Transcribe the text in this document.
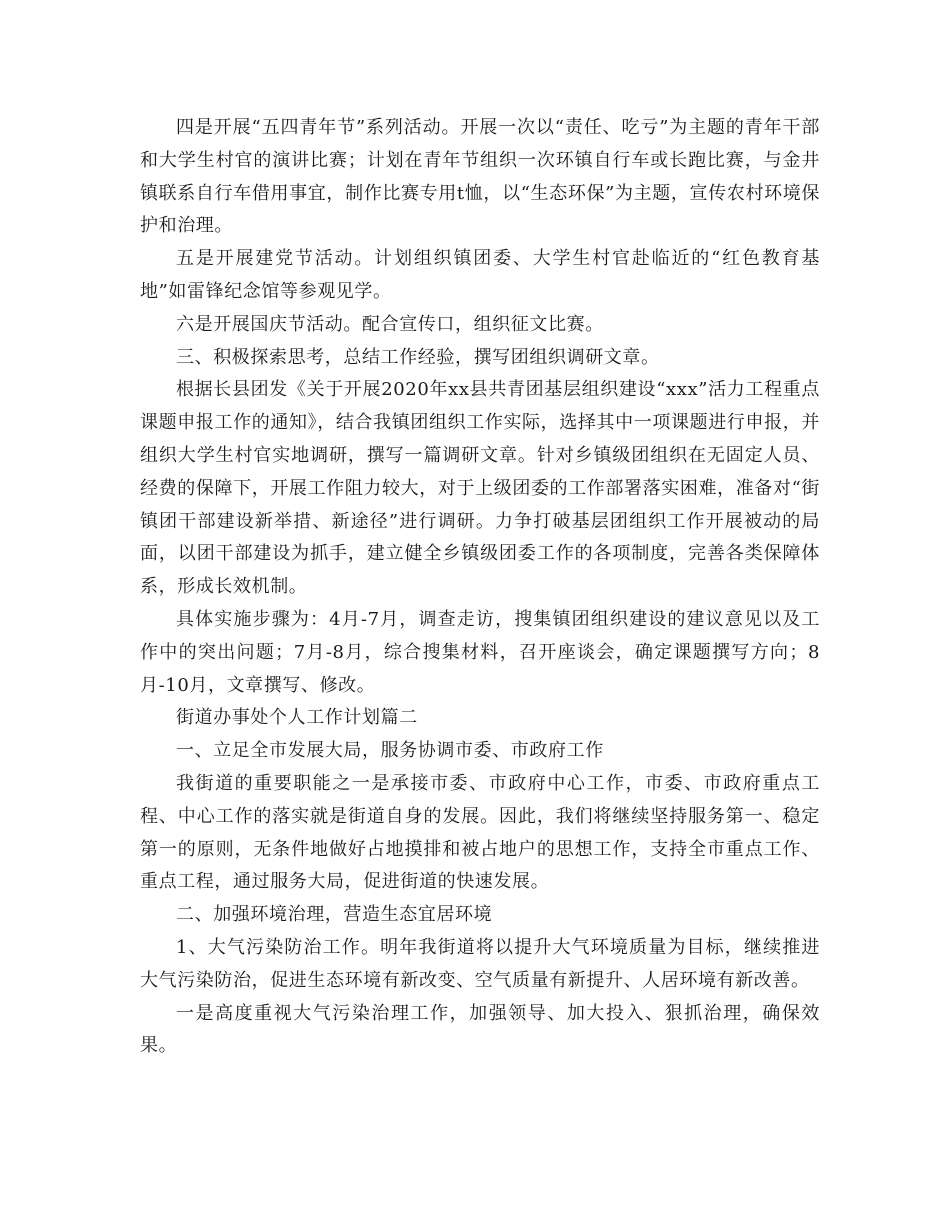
四是开展“五四青年节”系列活动。开展一次以“责任、吃亏”为主题的青年干部和大学生村官的演讲比赛；计划在青年节组织一次环镇自行车或长跑比赛，与金井镇联系自行车借用事宜，制作比赛专用t恤，以“生态环保”为主题，宣传农村环境保护和治理。

五是开展建党节活动。计划组织镇团委、大学生村官赴临近的“红色教育基地”如雷锋纪念馆等参观见学。

六是开展国庆节活动。配合宣传口，组织征文比赛。

三、积极探索思考，总结工作经验，撰写团组织调研文章。

根据长县团发《关于开展2020年xx县共青团基层组织建设“xxx”活力工程重点课题申报工作的通知》，结合我镇团组织工作实际，选择其中一项课题进行申报，并组织大学生村官实地调研，撰写一篇调研文章。针对乡镇级团组织在无固定人员、经费的保障下，开展工作阻力较大，对于上级团委的工作部署落实困难，准备对“街镇团干部建设新举措、新途径”进行调研。力争打破基层团组织工作开展被动的局面，以团干部建设为抓手，建立健全乡镇级团委工作的各项制度，完善各类保障体系，形成长效机制。

具体实施步骤为：4月-7月，调查走访，搜集镇团组织建设的建议意见以及工作中的突出问题；7月-8月，综合搜集材料，召开座谈会，确定课题撰写方向；8月-10月，文章撰写、修改。

街道办事处个人工作计划篇二

一、立足全市发展大局，服务协调市委、市政府工作

我街道的重要职能之一是承接市委、市政府中心工作，市委、市政府重点工程、中心工作的落实就是街道自身的发展。因此，我们将继续坚持服务第一、稳定第一的原则，无条件地做好占地摸排和被占地户的思想工作，支持全市重点工作、重点工程，通过服务大局，促进街道的快速发展。

二、加强环境治理，营造生态宜居环境

1、大气污染防治工作。明年我街道将以提升大气环境质量为目标，继续推进大气污染防治，促进生态环境有新改变、空气质量有新提升、人居环境有新改善。

一是高度重视大气污染治理工作，加强领导、加大投入、狠抓治理，确保效果。
